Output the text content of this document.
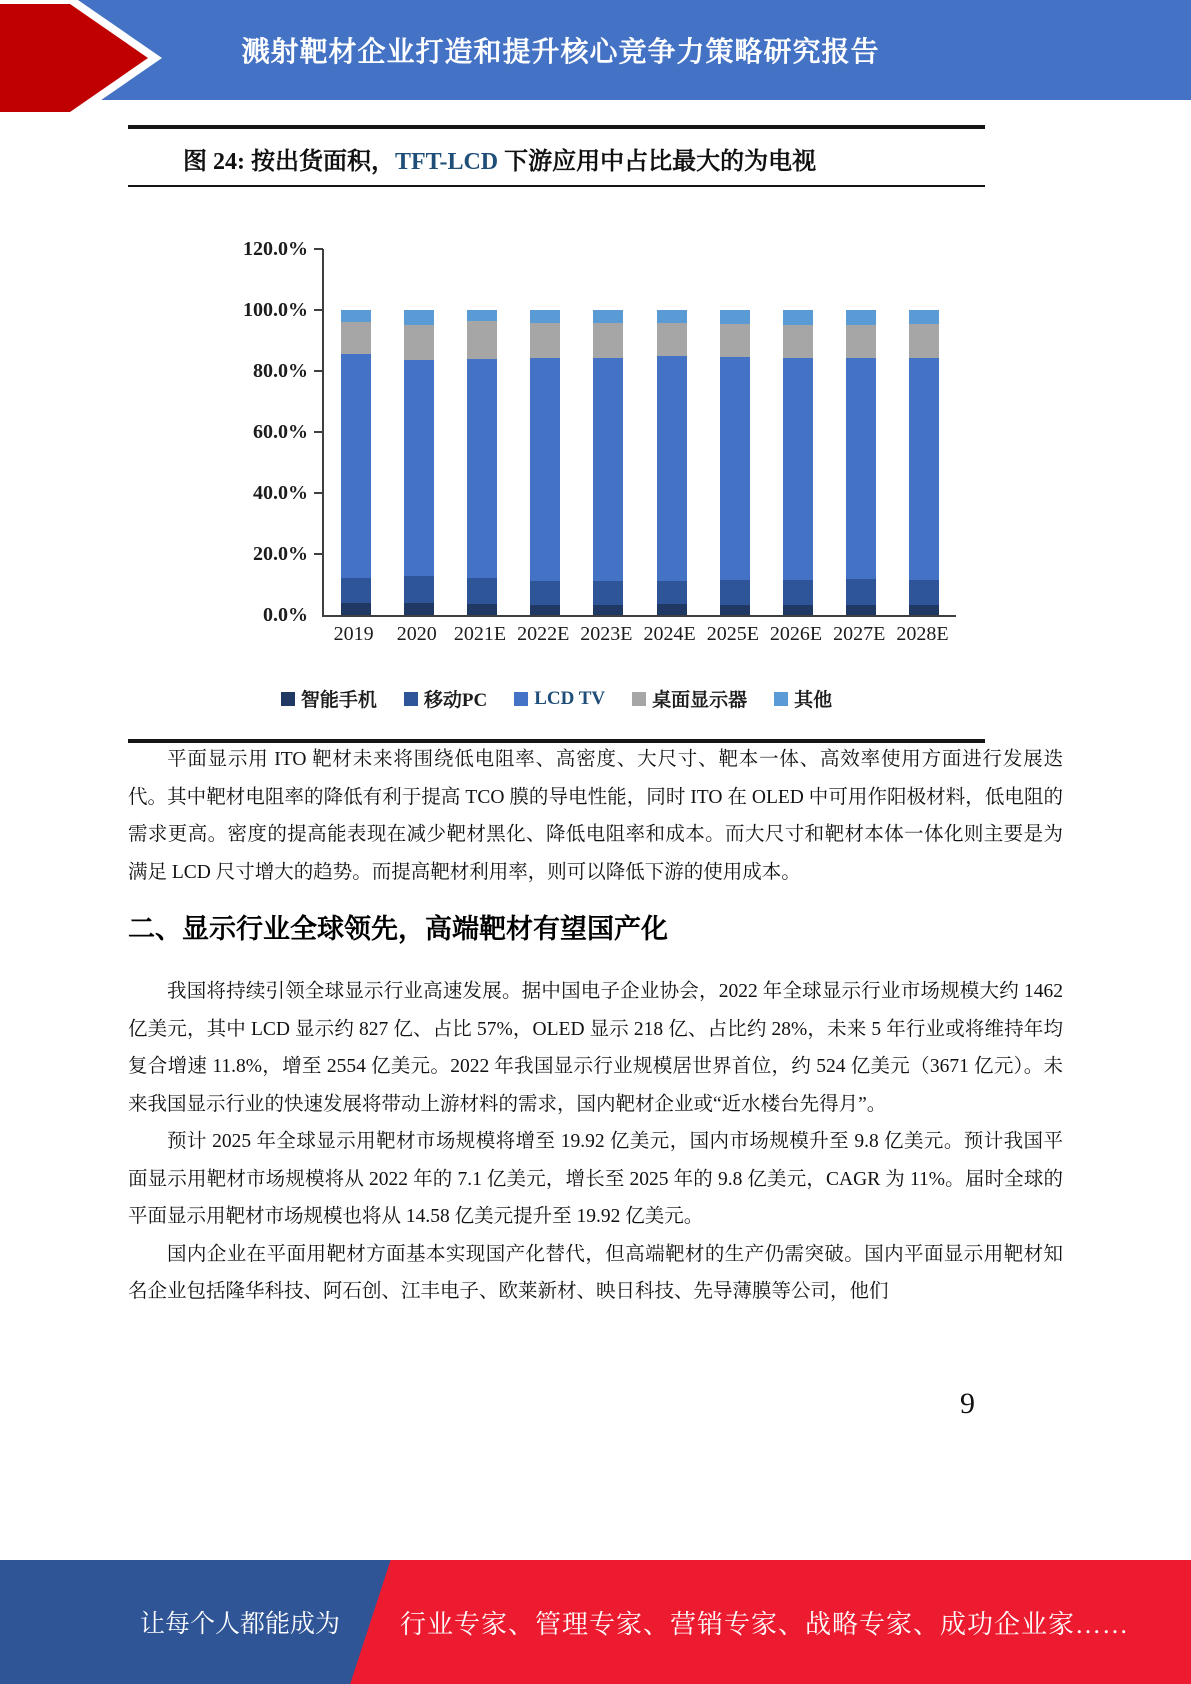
溅射靶材企业打造和提升核心竞争力策略研究报告
图 24: 按出货面积，TFT-LCD 下游应用中占比最大的为电视
2019	2020 2021E 2022E 2023E 2024E 2025E 2026E 2027E 2028E
智能手机 移动PC LCD TV 桌面显示器 其他
120.0%
100.0%
80.0%
60.0%
40.0%
20.0%
0.0%

平面显示用 ITO 靶材未来将围绕低电阻率、高密度、大尺寸、靶本一体、高效率使用方面进行发展迭代。其中靶材电阻率的降低有利于提高 TCO 膜的导电性能，同时 ITO 在 OLED 中可用作阳极材料，低电阻的需求更高。密度的提高能表现在减少靶材黑化、降低电阻率和成本。而大尺寸和靶材本体一体化则主要是为满足 LCD 尺寸增大的趋势。而提高靶材利用率，则可以降低下游的使用成本。

二、显示行业全球领先，高端靶材有望国产化

我国将持续引领全球显示行业高速发展。据中国电子企业协会，2022 年全球显示行业市场规模大约 1462 亿美元，其中 LCD 显示约 827 亿、占比 57%，OLED 显示 218 亿、占比约 28%，未来 5 年行业或将维持年均复合增速 11.8%，增至 2554 亿美元。2022 年我国显示行业规模居世界首位，约 524 亿美元（3671 亿元）。未来我国显示行业的快速发展将带动上游材料的需求，国内靶材企业或“近水楼台先得月”。

预计 2025 年全球显示用靶材市场规模将增至 19.92 亿美元，国内市场规模升至 9.8 亿美元。预计我国平面显示用靶材市场规模将从 2022 年的 7.1 亿美元，增长至 2025 年的 9.8 亿美元，CAGR 为 11%。届时全球的平面显示用靶材市场规模也将从 14.58 亿美元提升至 19.92 亿美元。

国内企业在平面用靶材方面基本实现国产化替代，但高端靶材的生产仍需突破。国内平面显示用靶材知名企业包括隆华科技、阿石创、江丰电子、欧莱新材、映日科技、先导薄膜等公司，他们

9
让每个人都能成为 行业专家、管理专家、营销专家、战略专家、成功企业家……
